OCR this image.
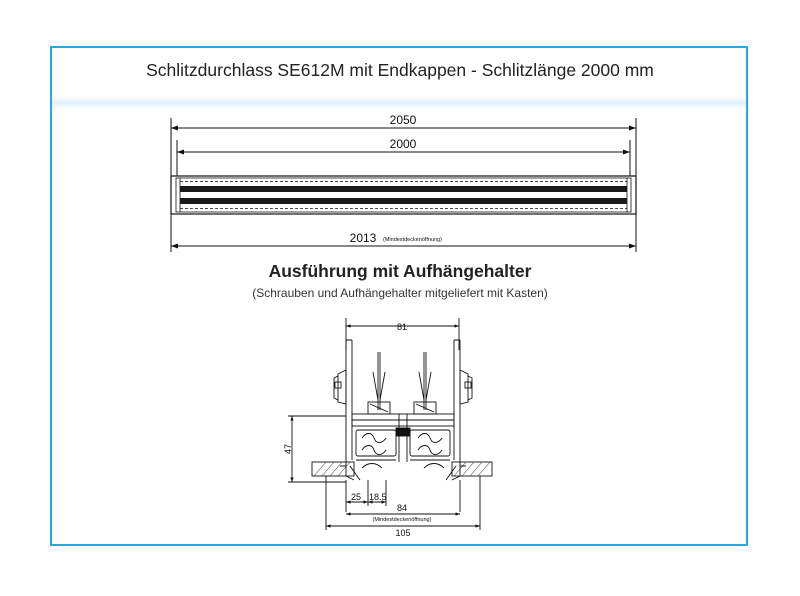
Schlitzdurchlass SE612M mit Endkappen - Schlitzlänge 2000 mm
2050
2000
2013 (Mindestdeckenöffnung)
81
47
25 18.5
84
(Mindestdeckenöffnung)
105
Ausführung mit Aufhängehalter
(Schrauben und Aufhängehalter mitgeliefert mit Kasten)
